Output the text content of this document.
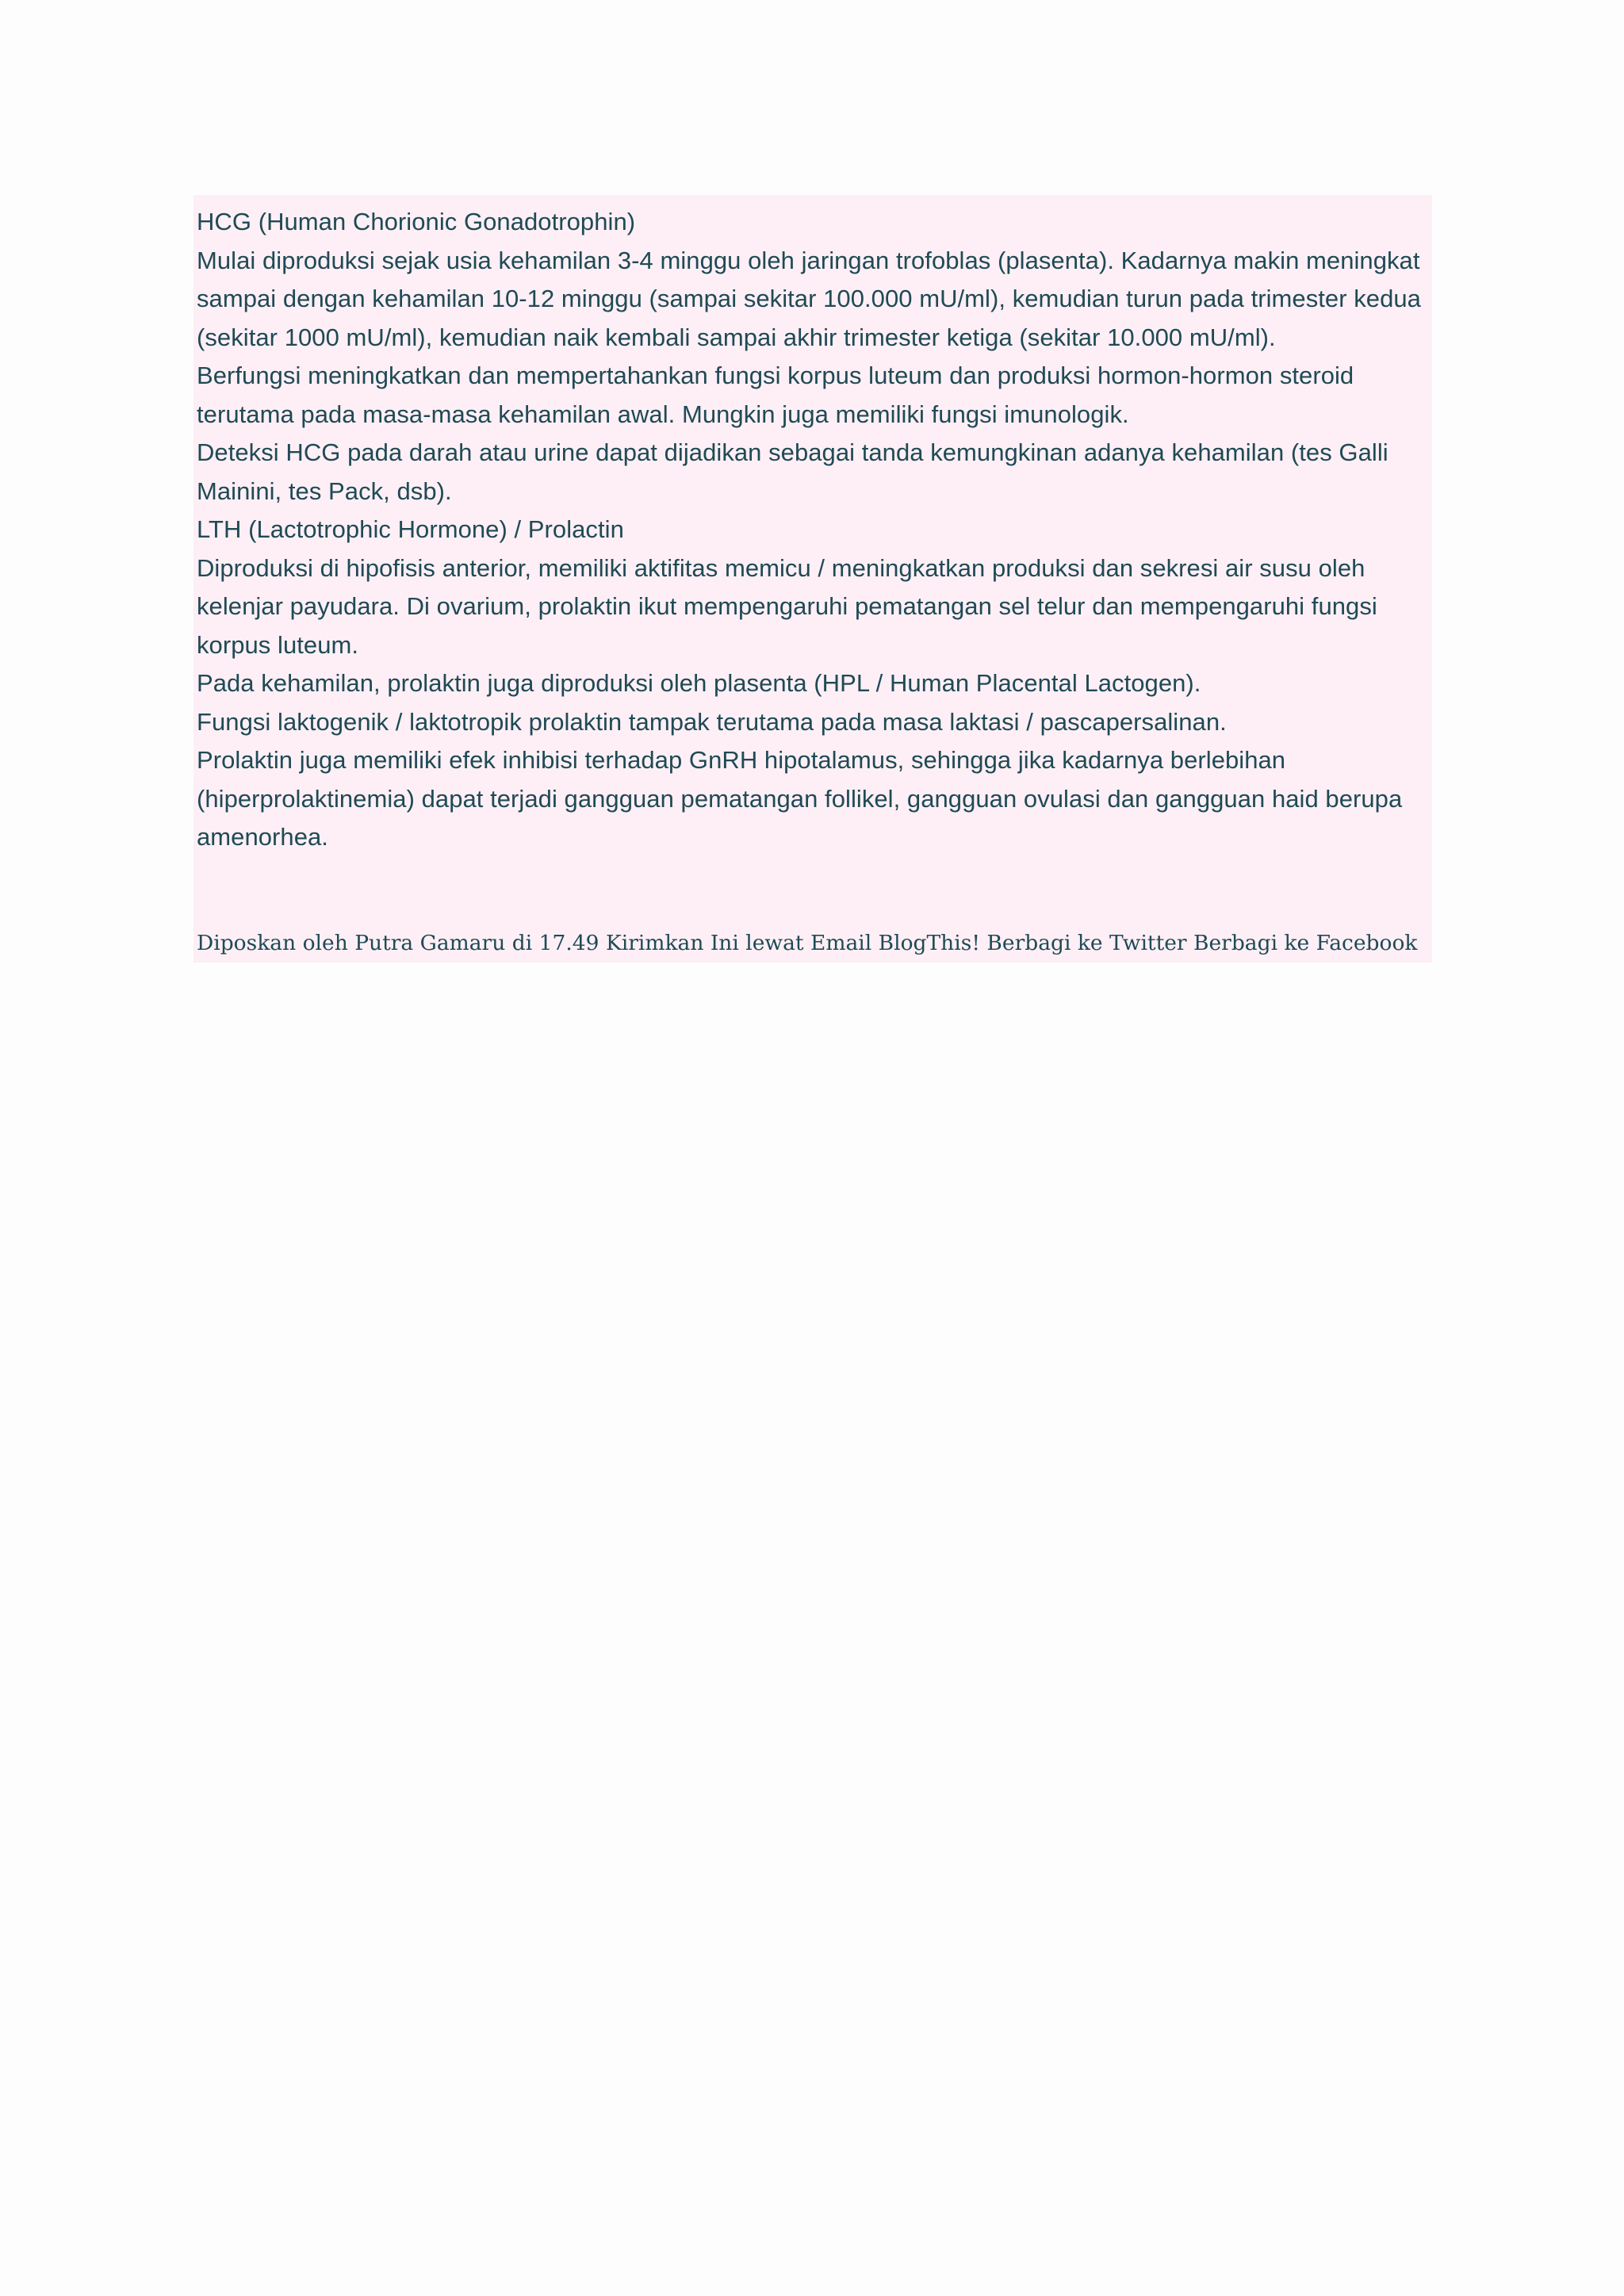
HCG (Human Chorionic Gonadotrophin)

Mulai diproduksi sejak usia kehamilan 3-4 minggu oleh jaringan trofoblas (plasenta). Kadarnya makin meningkat sampai dengan kehamilan 10-12 minggu (sampai sekitar 100.000 mU/ml), kemudian turun pada trimester kedua (sekitar 1000 mU/ml), kemudian naik kembali sampai akhir trimester ketiga (sekitar 10.000 mU/ml).

Berfungsi meningkatkan dan mempertahankan fungsi korpus luteum dan produksi hormon-hormon steroid terutama pada masa-masa kehamilan awal. Mungkin juga memiliki fungsi imunologik.

Deteksi HCG pada darah atau urine dapat dijadikan sebagai tanda kemungkinan adanya kehamilan (tes Galli Mainini, tes Pack, dsb).

LTH (Lactotrophic Hormone) / Prolactin

Diproduksi di hipofisis anterior, memiliki aktifitas memicu / meningkatkan produksi dan sekresi air susu oleh kelenjar payudara. Di ovarium, prolaktin ikut mempengaruhi pematangan sel telur dan mempengaruhi fungsi korpus luteum.

Pada kehamilan, prolaktin juga diproduksi oleh plasenta (HPL / Human Placental Lactogen).

Fungsi laktogenik / laktotropik prolaktin tampak terutama pada masa laktasi / pascapersalinan.

Prolaktin juga memiliki efek inhibisi terhadap GnRH hipotalamus, sehingga jika kadarnya berlebihan (hiperprolaktinemia) dapat terjadi gangguan pematangan follikel, gangguan ovulasi dan gangguan haid berupa amenorhea.

Diposkan oleh Putra Gamaru di 17.49 Kirimkan Ini lewat Email BlogThis! Berbagi ke Twitter Berbagi ke Facebook
